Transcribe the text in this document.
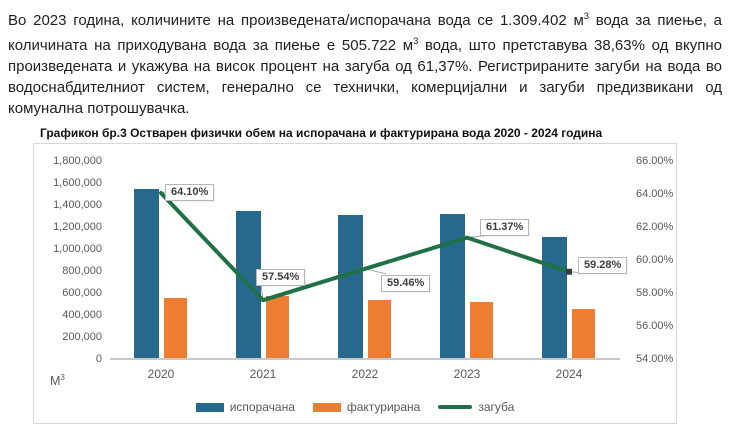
Во 2023 година, количините на произведената/испорачана вода се 1.309.402 $м^3$ вода за пиење, а количината на приходувана вода за пиење е 505.722 $м^3$ вода, што претставува 38,63% од вкупно произведената и укажува на висок процент на загуба од 61,37%. Регистрираните загуби на вода во водоснабдителниот систем, генерално се технички, комерцијални и загуби предизвикани од комунална потрошувачка.

Графикон бр.3 Остварен физички обем на испорачана и фактурирана вода 2020 - 2024 година
1,800,000
1,600,000
1,400,000
1,200,000
1,000,000
800,000
600,000
400,000
200,000
0
66.00%
64.00%
62.00%
60.00%
58.00%
56.00%
54.00%
64.10%
57.54%
59.46%
61.37%
59.28%
2020	2021	2022	2023	2024
$М^3$
испорачана	фактурирана	загуба
